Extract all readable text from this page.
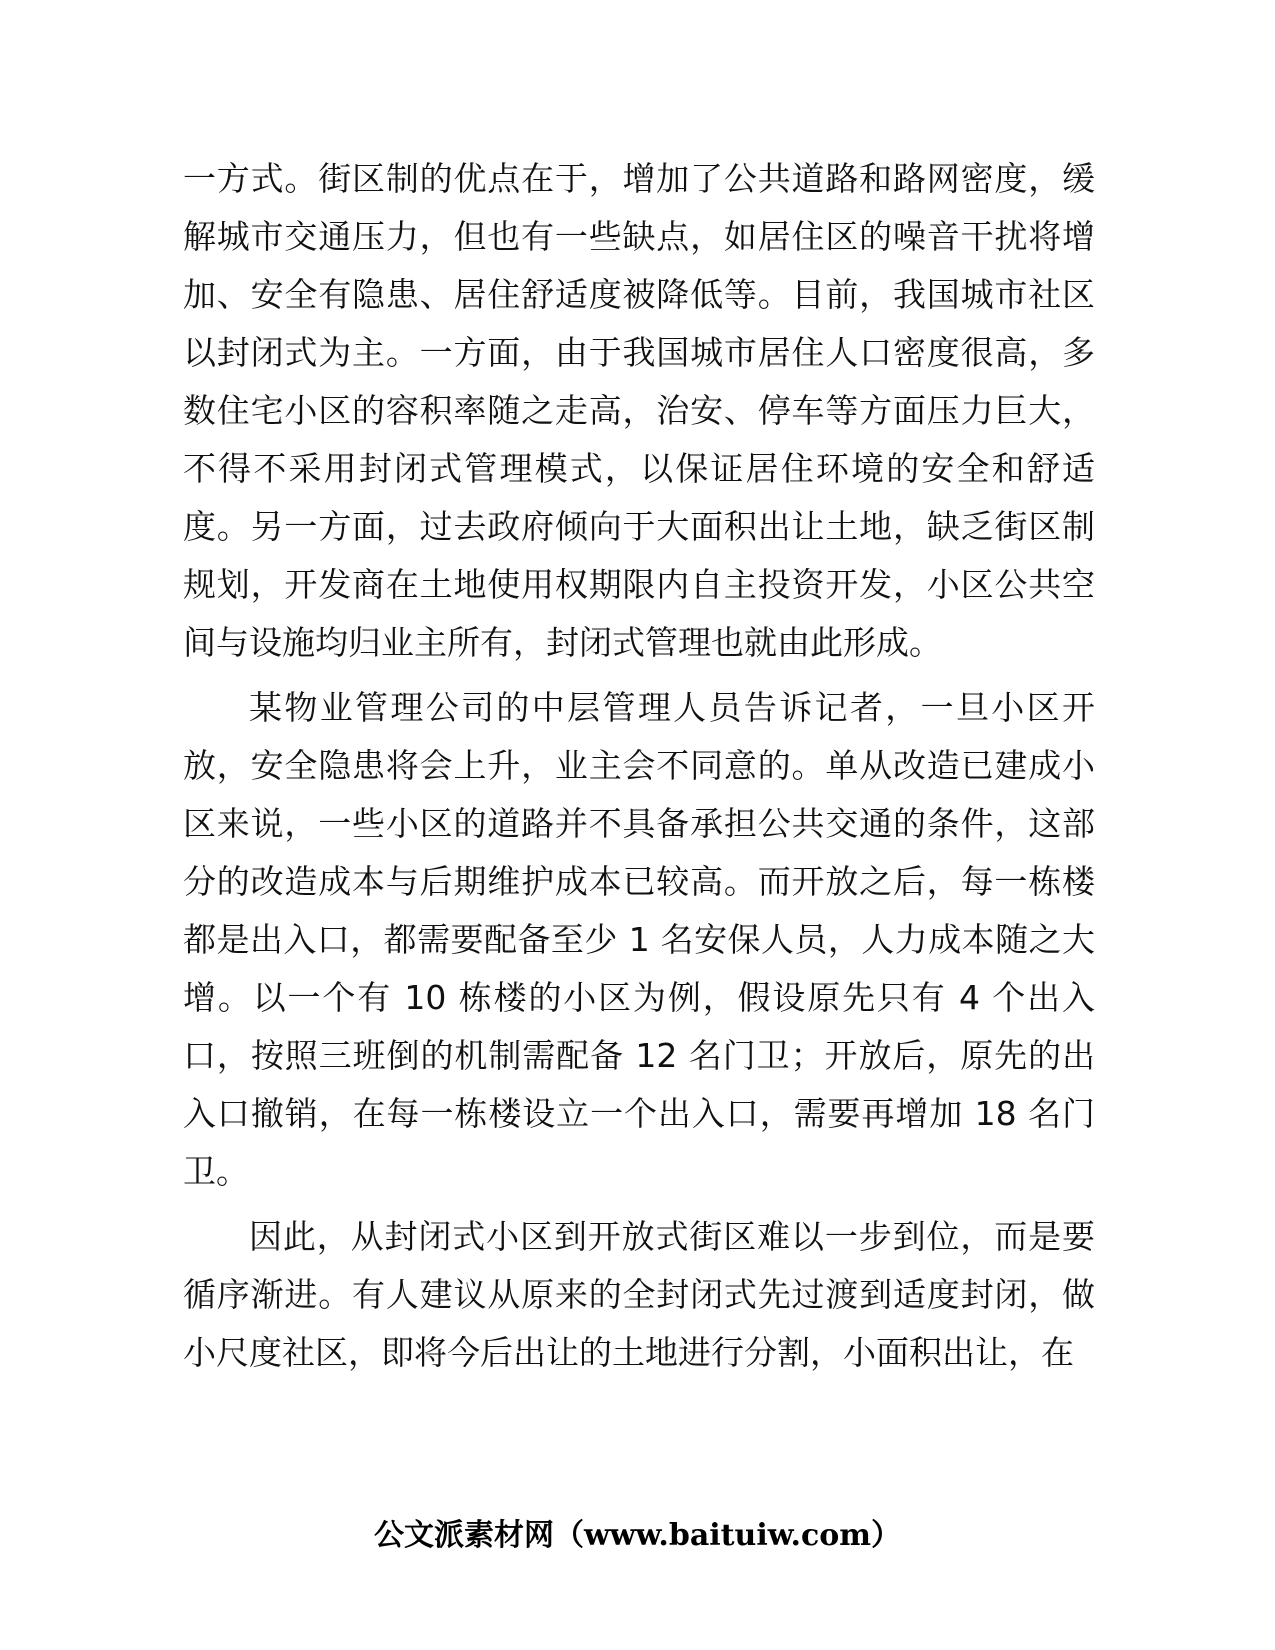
一方式。街区制的优点在于，增加了公共道路和路网密度，缓解城市交通压力，但也有一些缺点，如居住区的噪音干扰将增加、安全有隐患、居住舒适度被降低等。目前，我国城市社区以封闭式为主。一方面，由于我国城市居住人口密度很高，多数住宅小区的容积率随之走高，治安、停车等方面压力巨大，不得不采用封闭式管理模式，以保证居住环境的安全和舒适度。另一方面，过去政府倾向于大面积出让土地，缺乏街区制规划，开发商在土地使用权期限内自主投资开发，小区公共空间与设施均归业主所有，封闭式管理也就由此形成。

某物业管理公司的中层管理人员告诉记者，一旦小区开放，安全隐患将会上升，业主会不同意的。单从改造已建成小区来说，一些小区的道路并不具备承担公共交通的条件，这部分的改造成本与后期维护成本已较高。而开放之后，每一栋楼都是出入口，都需要配备至少 1 名安保人员，人力成本随之大增。以一个有 10 栋楼的小区为例，假设原先只有 4 个出入口，按照三班倒的机制需配备 12 名门卫；开放后，原先的出入口撤销，在每一栋楼设立一个出入口，需要再增加 18 名门卫。

因此，从封闭式小区到开放式街区难以一步到位，而是要循序渐进。有人建议从原来的全封闭式先过渡到适度封闭，做小尺度社区，即将今后出让的土地进行分割，小面积出让，在

公文派素材网（www.baituiw.com）
